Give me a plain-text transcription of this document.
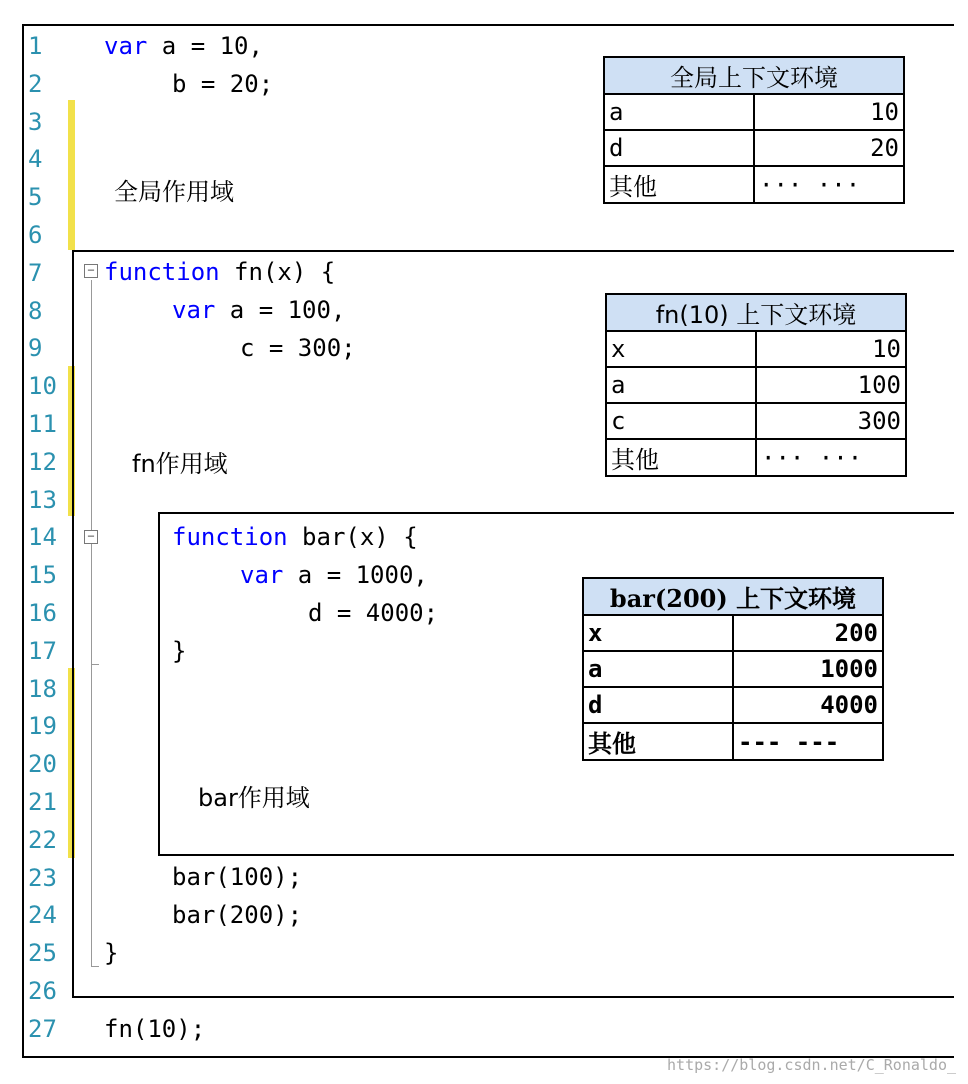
1
2
3
4
5
6
7
8
9
10
11
12
13
14
15
16
17
18
19
20
21
22
23
24
25
26
27
−
−
var a = 10,
b = 20;
function fn(x) {
var a = 100,
c = 300;
function bar(x) {
var a = 1000,
d = 4000;
}
bar(100);
bar(200);
}
fn(10);
全局作用域
fn作用域
bar作用域
全局上下文环境	
a	10
d	20
其他	··· ···
fn(10) 上下文环境	
x	10
a	100
c	300
其他	··· ···
bar(200) 上下文环境	
x	200
a	1000
d	4000
其他	--- ---
https://blog.csdn.net/C_Ronaldo_
